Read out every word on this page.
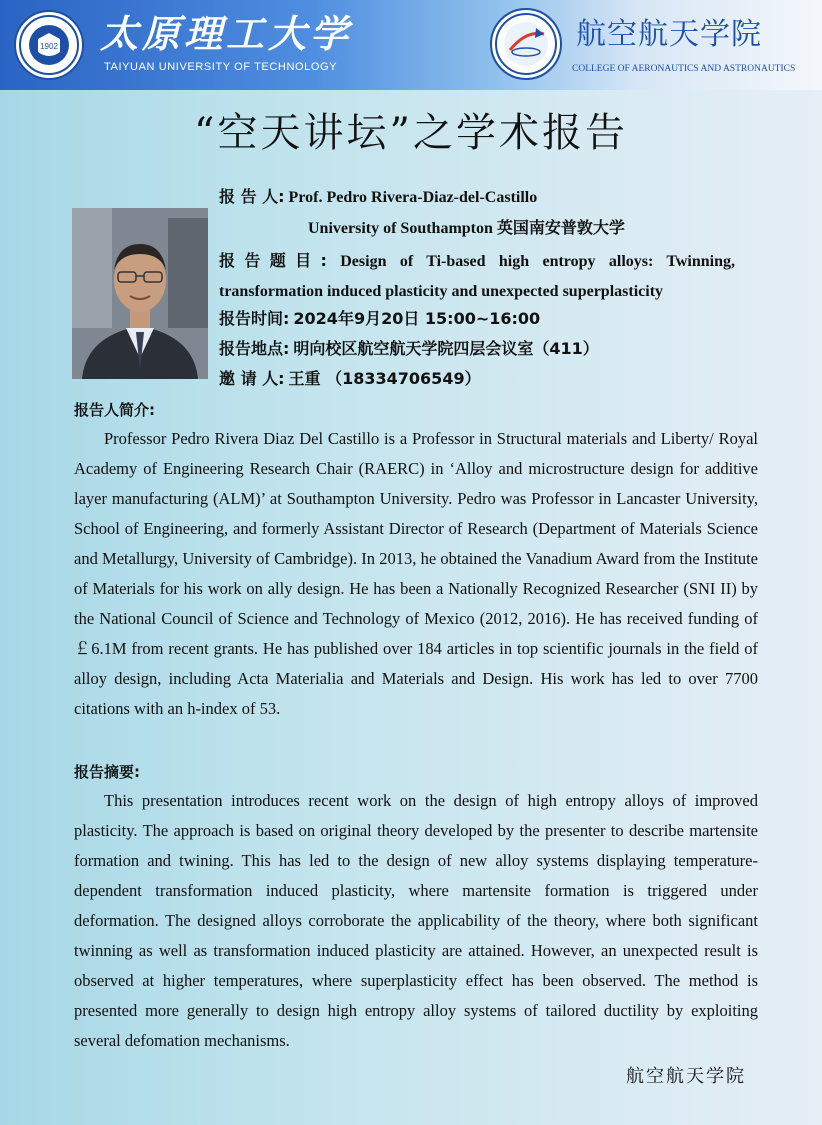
1902 太原理工大学
TAIYUAN UNIVERSITY OF TECHNOLOGY
航空航天学院
COLLEGE OF AERONAUTICS AND ASTRONAUTICS
“空天讲坛”之学术报告
报 告 人: Prof. Pedro Rivera-Diaz-del-Castillo
University of Southampton 英国南安普敦大学
报告题目: Design of Ti-based high entropy alloys: Twinning, transformation induced plasticity and unexpected superplasticity
报告时间: 2024年9月20日 15:00~16:00
报告地点: 明向校区航空航天学院四层会议室（411）
邀 请 人: 王重 （18334706549）
报告人简介:
Professor Pedro Rivera Diaz Del Castillo is a Professor in Structural materials and Liberty/ Royal Academy of Engineering Research Chair (RAERC) in ‘Alloy and microstructure design for additive layer manufacturing (ALM)’ at Southampton University. Pedro was Professor in Lancaster University, School of Engineering, and formerly Assistant Director of Research (Department of Materials Science and Metallurgy, University of Cambridge). In 2013, he obtained the Vanadium Award from the Institute of Materials for his work on ally design. He has been a Nationally Recognized Researcher (SNI II) by the National Council of Science and Technology of Mexico (2012, 2016). He has received funding of ￡6.1M from recent grants. He has published over 184 articles in top scientific journals in the field of alloy design, including Acta Materialia and Materials and Design. His work has led to over 7700 citations with an h-index of 53.
报告摘要:
This presentation introduces recent work on the design of high entropy alloys of improved plasticity. The approach is based on original theory developed by the presenter to describe martensite formation and twining. This has led to the design of new alloy systems displaying temperature-dependent transformation induced plasticity, where martensite formation is triggered under deformation. The designed alloys corroborate the applicability of the theory, where both significant twinning as well as transformation induced plasticity are attained. However, an unexpected result is observed at higher temperatures, where superplasticity effect has been observed. The method is presented more generally to design high entropy alloy systems of tailored ductility by exploiting several defomation mechanisms.
航空航天学院
